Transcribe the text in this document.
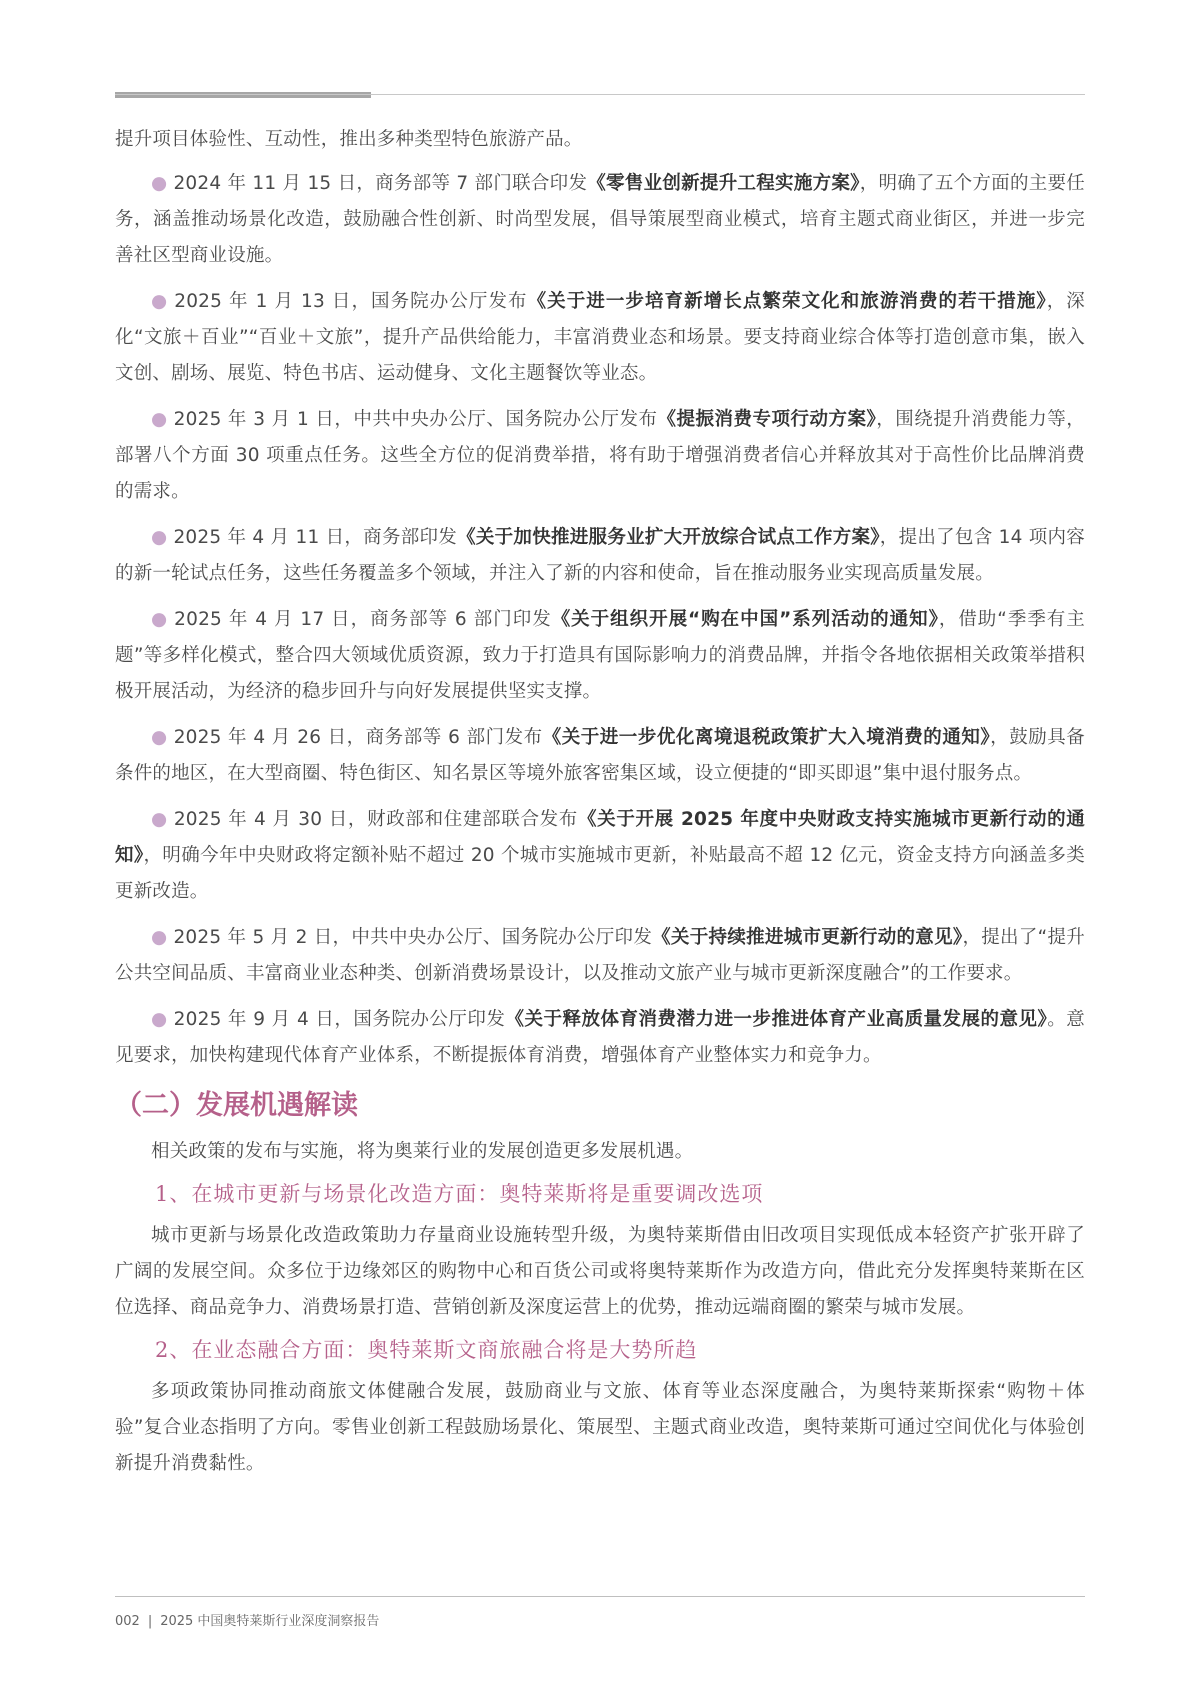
提升项目体验性、互动性，推出多种类型特色旅游产品。

● 2024 年 11 月 15 日，商务部等 7 部门联合印发《零售业创新提升工程实施方案》，明确了五个方面的主要任务，涵盖推动场景化改造，鼓励融合性创新、时尚型发展，倡导策展型商业模式，培育主题式商业街区，并进一步完善社区型商业设施。

● 2025 年 1 月 13 日，国务院办公厅发布《关于进一步培育新增长点繁荣文化和旅游消费的若干措施》，深化“文旅＋百业”“百业＋文旅”，提升产品供给能力，丰富消费业态和场景。要支持商业综合体等打造创意市集，嵌入文创、剧场、展览、特色书店、运动健身、文化主题餐饮等业态。

● 2025 年 3 月 1 日，中共中央办公厅、国务院办公厅发布《提振消费专项行动方案》，围绕提升消费能力等，部署八个方面 30 项重点任务。这些全方位的促消费举措，将有助于增强消费者信心并释放其对于高性价比品牌消费的需求。

● 2025 年 4 月 11 日，商务部印发《关于加快推进服务业扩大开放综合试点工作方案》，提出了包含 14 项内容的新一轮试点任务，这些任务覆盖多个领域，并注入了新的内容和使命，旨在推动服务业实现高质量发展。

● 2025 年 4 月 17 日，商务部等 6 部门印发《关于组织开展“购在中国”系列活动的通知》，借助“季季有主题”等多样化模式，整合四大领域优质资源，致力于打造具有国际影响力的消费品牌，并指令各地依据相关政策举措积极开展活动，为经济的稳步回升与向好发展提供坚实支撑。

● 2025 年 4 月 26 日，商务部等 6 部门发布《关于进一步优化离境退税政策扩大入境消费的通知》，鼓励具备条件的地区，在大型商圈、特色街区、知名景区等境外旅客密集区域，设立便捷的“即买即退”集中退付服务点。

● 2025 年 4 月 30 日，财政部和住建部联合发布《关于开展 2025 年度中央财政支持实施城市更新行动的通知》，明确今年中央财政将定额补贴不超过 20 个城市实施城市更新，补贴最高不超 12 亿元，资金支持方向涵盖多类更新改造。

● 2025 年 5 月 2 日，中共中央办公厅、国务院办公厅印发《关于持续推进城市更新行动的意见》，提出了“提升公共空间品质、丰富商业业态种类、创新消费场景设计，以及推动文旅产业与城市更新深度融合”的工作要求。

● 2025 年 9 月 4 日，国务院办公厅印发《关于释放体育消费潜力进一步推进体育产业高质量发展的意见》。意见要求，加快构建现代体育产业体系，不断提振体育消费，增强体育产业整体实力和竞争力。

（二）发展机遇解读

相关政策的发布与实施，将为奥莱行业的发展创造更多发展机遇。

1、在城市更新与场景化改造方面：奥特莱斯将是重要调改选项

城市更新与场景化改造政策助力存量商业设施转型升级，为奥特莱斯借由旧改项目实现低成本轻资产扩张开辟了广阔的发展空间。众多位于边缘郊区的购物中心和百货公司或将奥特莱斯作为改造方向，借此充分发挥奥特莱斯在区位选择、商品竞争力、消费场景打造、营销创新及深度运营上的优势，推动远端商圈的繁荣与城市发展。

2、在业态融合方面：奥特莱斯文商旅融合将是大势所趋

多项政策协同推动商旅文体健融合发展，鼓励商业与文旅、体育等业态深度融合，为奥特莱斯探索“购物＋体验”复合业态指明了方向。零售业创新工程鼓励场景化、策展型、主题式商业改造，奥特莱斯可通过空间优化与体验创新提升消费黏性。

002 | 2025 中国奥特莱斯行业深度洞察报告
